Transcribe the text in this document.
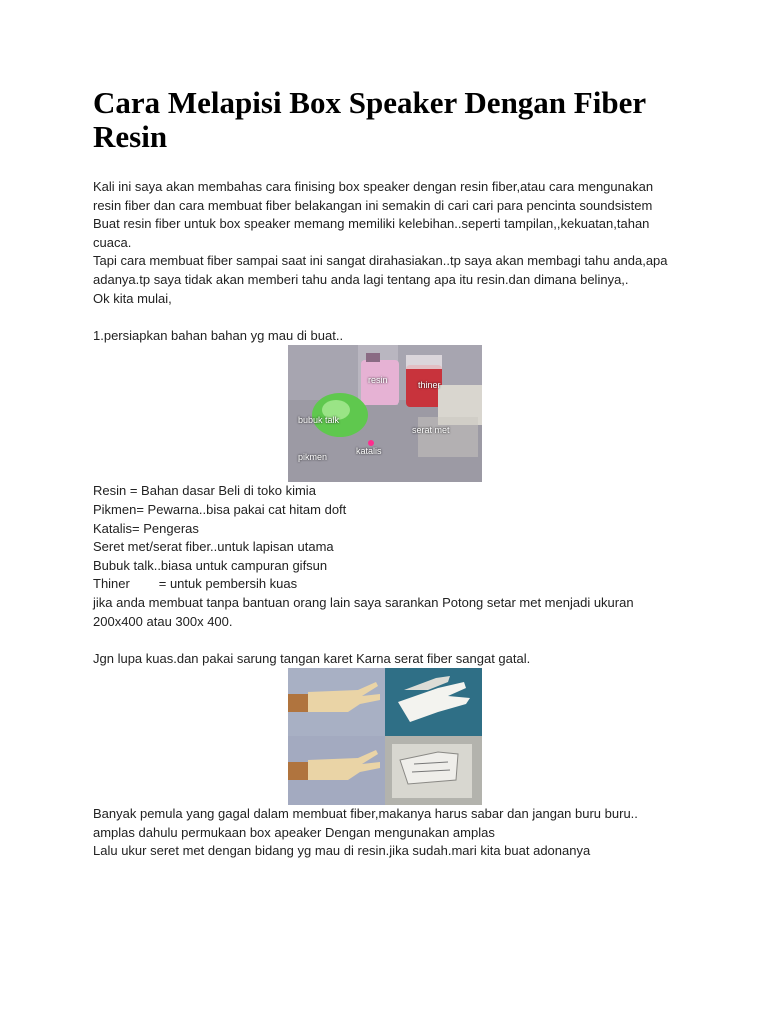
Cara Melapisi Box Speaker Dengan Fiber Resin

Kali ini saya akan membahas cara finising box speaker dengan resin fiber,atau cara mengunakan resin fiber dan cara membuat fiber belakangan ini semakin di cari cari para pencinta soundsistem

Buat resin fiber untuk box speaker memang memiliki kelebihan..seperti tampilan,,kekuatan,tahan cuaca.

Tapi cara membuat fiber sampai saat ini sangat dirahasiakan..tp saya akan membagi tahu anda,apa adanya.tp saya tidak akan memberi tahu anda lagi tentang apa itu resin.dan dimana belinya,.

Ok kita mulai,

1.persiapkan bahan bahan yg mau di buat..

resin	thiner
bubuk talk
serat met
katalis
pikmen

Resin = Bahan dasar Beli di toko kimia

Pikmen= Pewarna..bisa pakai cat hitam doft

Katalis= Pengeras

Seret met/serat fiber..untuk lapisan utama

Bubuk talk..biasa untuk campuran gifsun

Thiner        = untuk pembersih kuas

jika anda membuat tanpa bantuan orang lain saya sarankan Potong setar met menjadi ukuran 200x400 atau 300x 400.

Jgn lupa kuas.dan pakai sarung tangan karet Karna serat fiber sangat gatal.

Banyak pemula yang gagal dalam membuat fiber,makanya harus sabar dan jangan buru buru..

amplas dahulu permukaan box apeaker Dengan mengunakan amplas

Lalu ukur seret met dengan bidang yg mau di resin.jika sudah.mari kita buat adonanya
